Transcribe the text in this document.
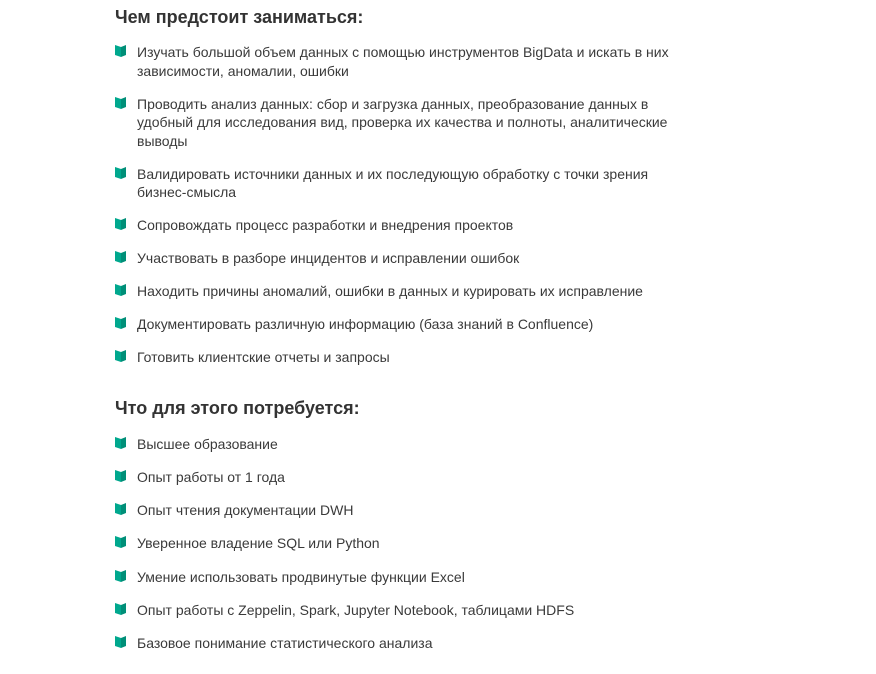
Чем предстоит заниматься:
Изучать большой объем данных с помощью инструментов BigData и искать в них зависимости, аномалии, ошибки
Проводить анализ данных: сбор и загрузка данных, преобразование данных в удобный для исследования вид, проверка их качества и полноты, аналитические выводы
Валидировать источники данных и их последующую обработку с точки зрения бизнес-смысла
Сопровождать процесс разработки и внедрения проектов
Участвовать в разборе инцидентов и исправлении ошибок
Находить причины аномалий, ошибки в данных и курировать их исправление
Документировать различную информацию (база знаний в Confluence)
Готовить клиентские отчеты и запросы
Что для этого потребуется:
Высшее образование
Опыт работы от 1 года
Опыт чтения документации DWH
Уверенное владение SQL или Python
Умение использовать продвинутые функции Excel
Опыт работы с Zeppelin, Spark, Jupyter Notebook, таблицами HDFS
Базовое понимание статистического анализа
